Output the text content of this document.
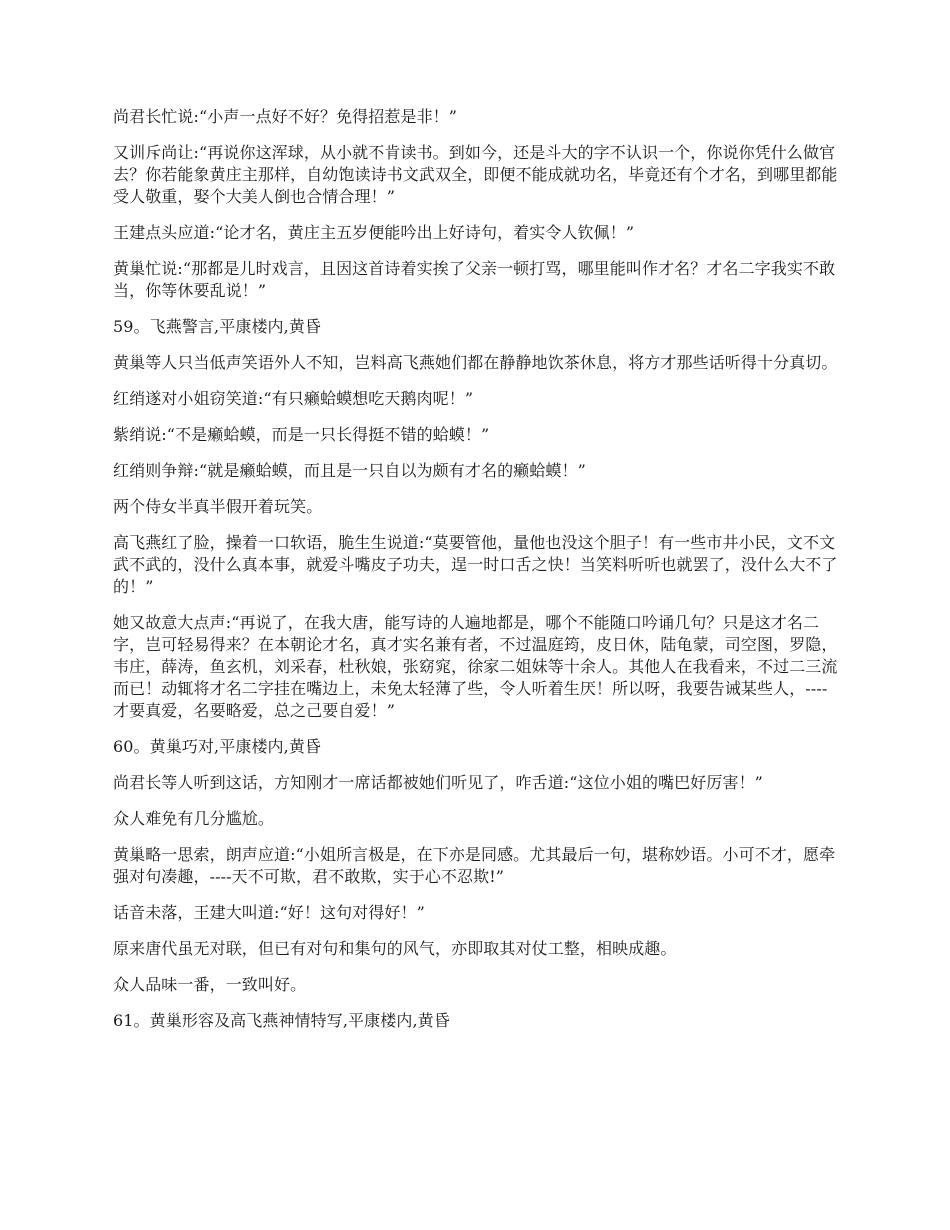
尚君长忙说:“小声一点好不好？免得招惹是非！”

又训斥尚让:“再说你这浑球，从小就不肯读书。到如今，还是斗大的字不认识一个，你说你凭什么做官去？你若能象黄庄主那样，自幼饱读诗书文武双全，即便不能成就功名，毕竟还有个才名，到哪里都能受人敬重，娶个大美人倒也合情合理！”

王建点头应道:“论才名，黄庄主五岁便能吟出上好诗句，着实令人钦佩！”

黄巢忙说:“那都是儿时戏言，且因这首诗着实挨了父亲一顿打骂，哪里能叫作才名？才名二字我实不敢当，你等休要乱说！”

59。飞燕警言,平康楼内,黄昏

黄巢等人只当低声笑语外人不知，岂料高飞燕她们都在静静地饮茶休息，将方才那些话听得十分真切。

红绡遂对小姐窃笑道:“有只癞蛤蟆想吃天鹅肉呢！”

紫绡说:“不是癞蛤蟆，而是一只长得挺不错的蛤蟆！”

红绡则争辩:“就是癞蛤蟆，而且是一只自以为颇有才名的癞蛤蟆！”

两个侍女半真半假开着玩笑。

高飞燕红了脸，操着一口软语，脆生生说道:“莫要管他，量他也没这个胆子！有一些市井小民，文不文武不武的，没什么真本事，就爱斗嘴皮子功夫，逞一时口舌之快！当笑料听听也就罢了，没什么大不了的！”

她又故意大点声:“再说了，在我大唐，能写诗的人遍地都是，哪个不能随口吟诵几句？只是这才名二字，岂可轻易得来？在本朝论才名，真才实名兼有者，不过温庭筠，皮日休，陆龟蒙，司空图，罗隐，韦庄，薛涛，鱼玄机，刘采春，杜秋娘，张窈窕，徐家二姐妹等十余人。其他人在我看来，不过二三流而已！动辄将才名二字挂在嘴边上，未免太轻薄了些，令人听着生厌！所以呀，我要告诫某些人，----才要真爱，名要略爱，总之己要自爱！”

60。黄巢巧对,平康楼内,黄昏

尚君长等人听到这话，方知刚才一席话都被她们听见了，咋舌道:“这位小姐的嘴巴好厉害！”

众人难免有几分尴尬。

黄巢略一思索，朗声应道:“小姐所言极是，在下亦是同感。尤其最后一句，堪称妙语。小可不才，愿牵强对句凑趣，----天不可欺，君不敢欺，实于心不忍欺!”

话音未落，王建大叫道:“好！这句对得好！”

原来唐代虽无对联，但已有对句和集句的风气，亦即取其对仗工整，相映成趣。

众人品味一番，一致叫好。

61。黄巢形容及高飞燕神情特写,平康楼内,黄昏
